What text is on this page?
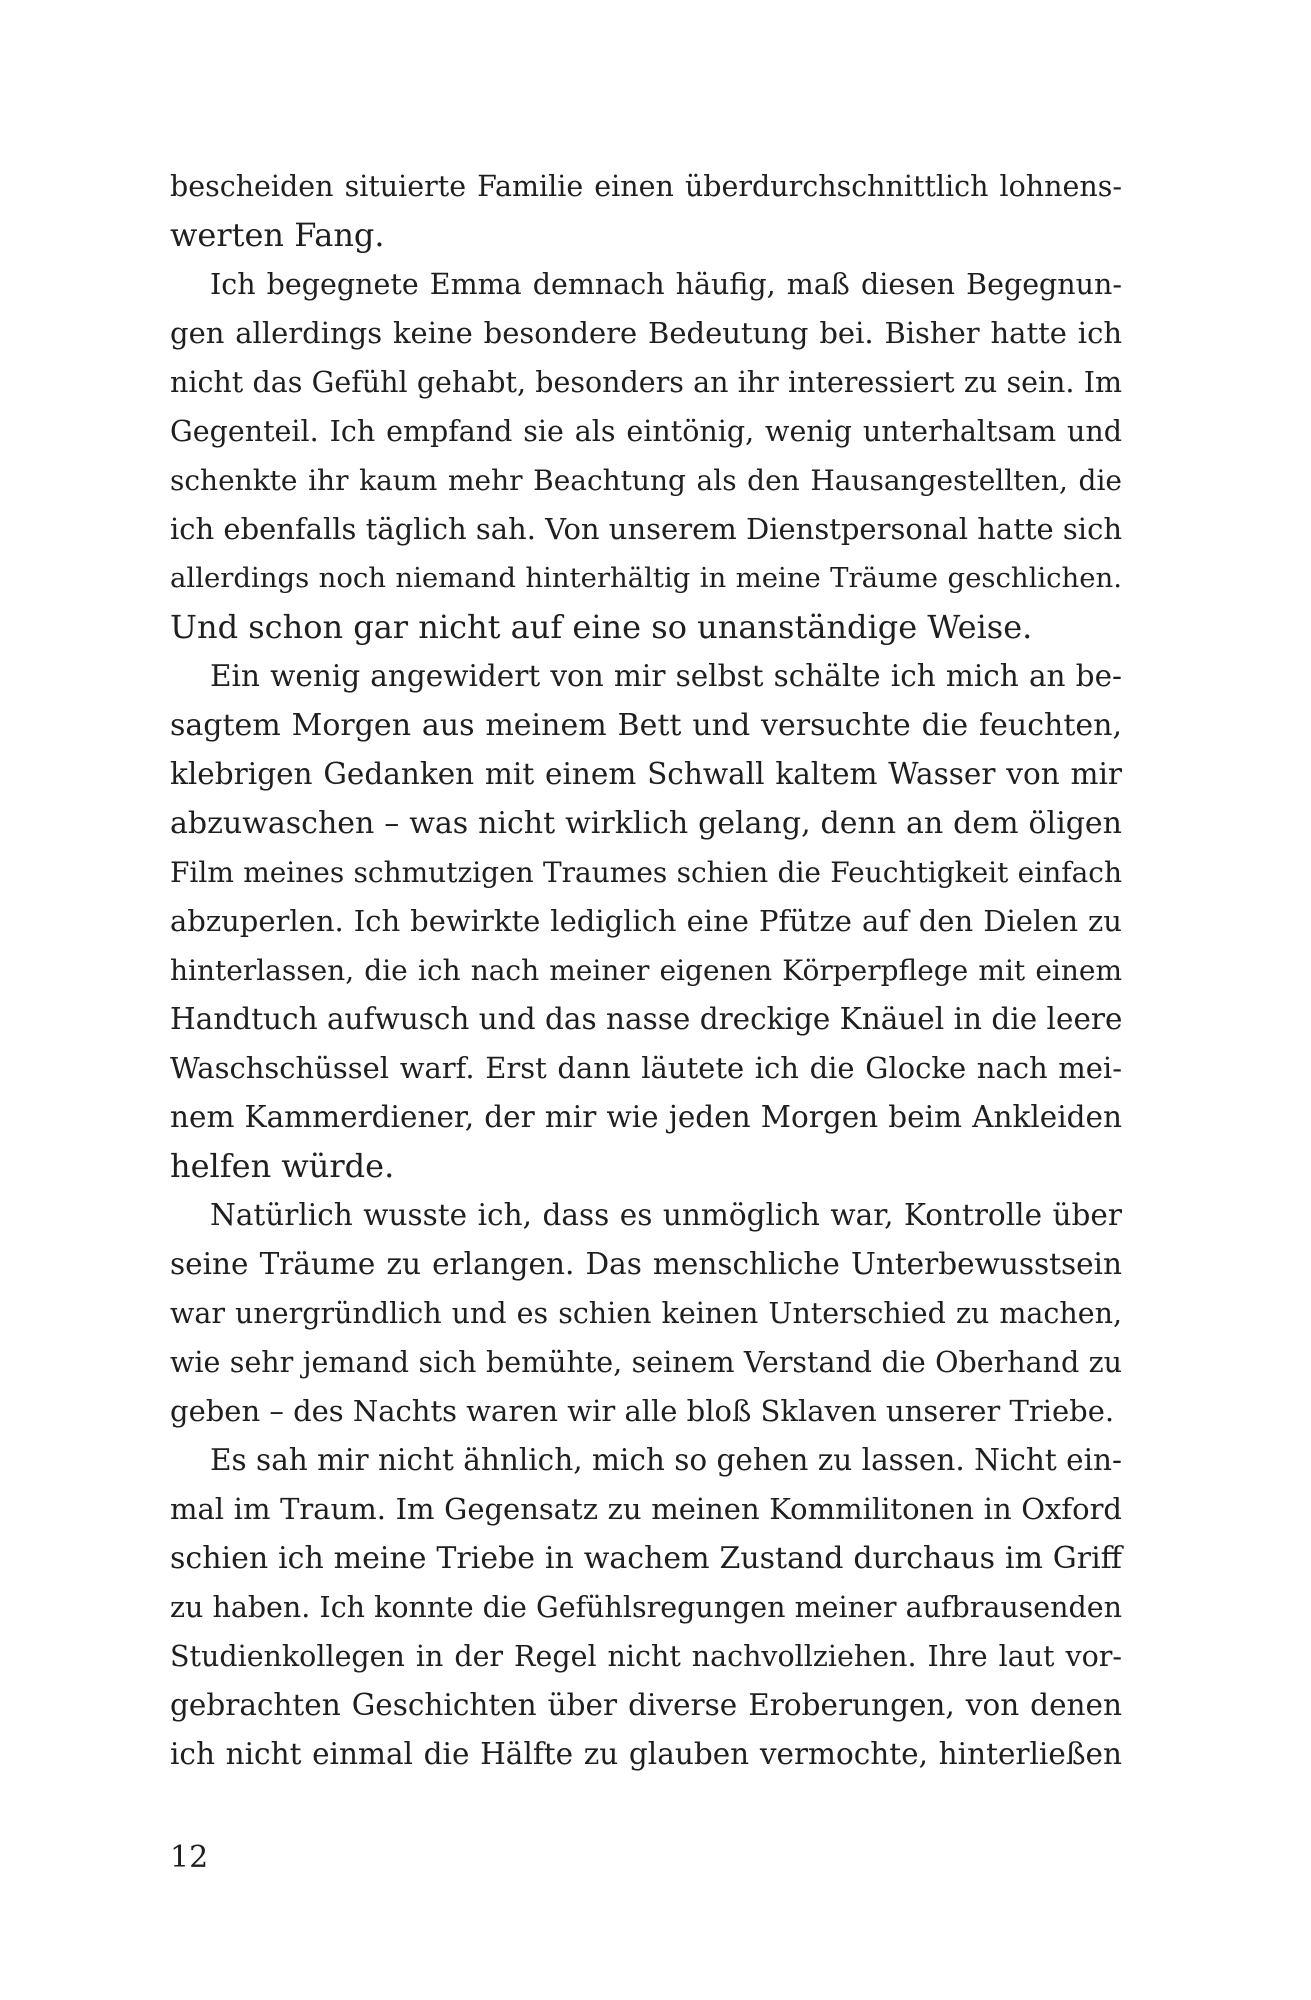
bescheiden situierte Familie einen überdurchschnittlich lohnens-
werten Fang.
Ich begegnete Emma demnach häufig, maß diesen Begegnun-
gen allerdings keine besondere Bedeutung bei. Bisher hatte ich
nicht das Gefühl gehabt, besonders an ihr interessiert zu sein. Im
Gegenteil. Ich empfand sie als eintönig, wenig unterhaltsam und
schenkte ihr kaum mehr Beachtung als den Hausangestellten, die
ich ebenfalls täglich sah. Von unserem Dienstpersonal hatte sich
allerdings noch niemand hinterhältig in meine Träume geschlichen.
Und schon gar nicht auf eine so unanständige Weise.
Ein wenig angewidert von mir selbst schälte ich mich an be-
sagtem Morgen aus meinem Bett und versuchte die feuchten,
klebrigen Gedanken mit einem Schwall kaltem Wasser von mir
abzuwaschen – was nicht wirklich gelang, denn an dem öligen
Film meines schmutzigen Traumes schien die Feuchtigkeit einfach
abzuperlen. Ich bewirkte lediglich eine Pfütze auf den Dielen zu
hinterlassen, die ich nach meiner eigenen Körperpflege mit einem
Handtuch aufwusch und das nasse dreckige Knäuel in die leere
Waschschüssel warf. Erst dann läutete ich die Glocke nach mei-
nem Kammerdiener, der mir wie jeden Morgen beim Ankleiden
helfen würde.
Natürlich wusste ich, dass es unmöglich war, Kontrolle über
seine Träume zu erlangen. Das menschliche Unterbewusstsein
war unergründlich und es schien keinen Unterschied zu machen,
wie sehr jemand sich bemühte, seinem Verstand die Oberhand zu
geben – des Nachts waren wir alle bloß Sklaven unserer Triebe.
Es sah mir nicht ähnlich, mich so gehen zu lassen. Nicht ein-
mal im Traum. Im Gegensatz zu meinen Kommilitonen in Oxford
schien ich meine Triebe in wachem Zustand durchaus im Griff
zu haben. Ich konnte die Gefühlsregungen meiner aufbrausenden
Studienkollegen in der Regel nicht nachvollziehen. Ihre laut vor-
gebrachten Geschichten über diverse Eroberungen, von denen
ich nicht einmal die Hälfte zu glauben vermochte, hinterließen
12
